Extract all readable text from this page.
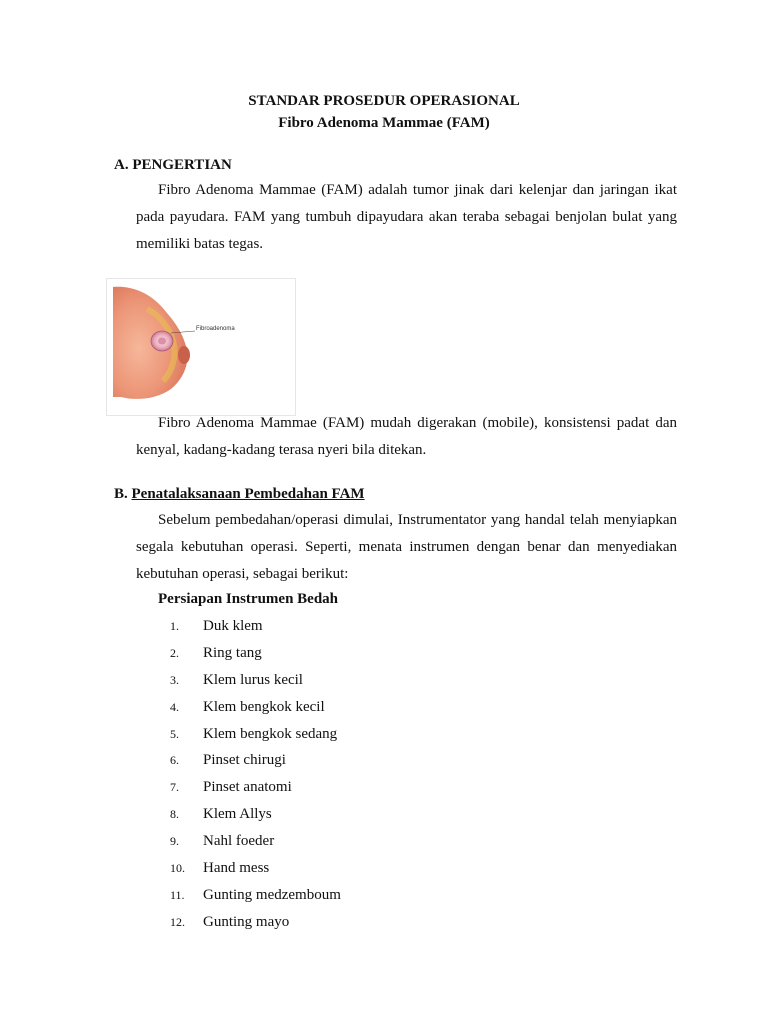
STANDAR PROSEDUR OPERASIONAL
Fibro Adenoma Mammae (FAM)
A. PENGERTIAN
Fibro Adenoma Mammae (FAM) adalah tumor jinak dari kelenjar dan jaringan ikat pada payudara. FAM yang tumbuh dipayudara akan teraba sebagai benjolan bulat yang memiliki batas tegas.
Fibroadenoma
Fibro Adenoma Mammae (FAM) mudah digerakan (mobile), konsistensi padat dan kenyal, kadang-kadang terasa nyeri bila ditekan.
B. Penatalaksanaan Pembedahan FAM
Sebelum pembedahan/operasi dimulai, Instrumentator yang handal telah menyiapkan segala kebutuhan operasi. Seperti, menata instrumen dengan benar dan menyediakan kebutuhan operasi, sebagai berikut:
Persiapan Instrumen Bedah
1.	Duk klem
2.	Ring tang
3.	Klem lurus kecil
4.	Klem bengkok kecil
5.	Klem bengkok sedang
6.	Pinset chirugi
7.	Pinset anatomi
8.	Klem Allys
9.	Nahl foeder
10.	Hand mess
11.	Gunting medzemboum
12.	Gunting mayo
